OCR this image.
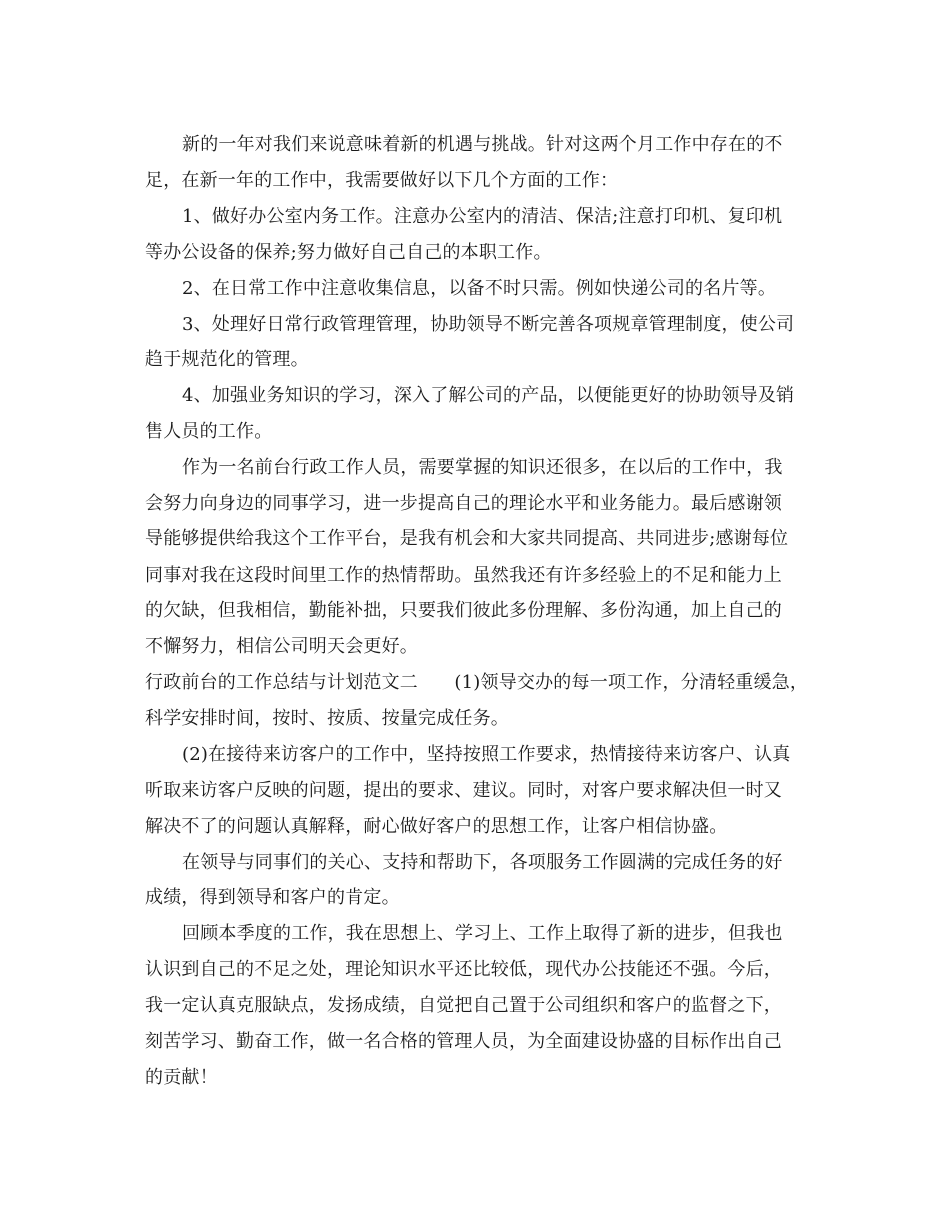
新的一年对我们来说意味着新的机遇与挑战。针对这两个月工作中存在的不
足，在新一年的工作中，我需要做好以下几个方面的工作：
1、做好办公室内务工作。注意办公室内的清洁、保洁;注意打印机、复印机
等办公设备的保养;努力做好自己自己的本职工作。
2、在日常工作中注意收集信息，以备不时只需。例如快递公司的名片等。
3、处理好日常行政管理管理，协助领导不断完善各项规章管理制度，使公司
趋于规范化的管理。
4、加强业务知识的学习，深入了解公司的产品，以便能更好的协助领导及销
售人员的工作。
作为一名前台行政工作人员，需要掌握的知识还很多，在以后的工作中，我
会努力向身边的同事学习，进一步提高自己的理论水平和业务能力。最后感谢领
导能够提供给我这个工作平台，是我有机会和大家共同提高、共同进步;感谢每位
同事对我在这段时间里工作的热情帮助。虽然我还有许多经验上的不足和能力上
的欠缺，但我相信，勤能补拙，只要我们彼此多份理解、多份沟通，加上自己的
不懈努力，相信公司明天会更好。
行政前台的工作总结与计划范文二　　(1)领导交办的每一项工作，分清轻重缓急，
科学安排时间，按时、按质、按量完成任务。
(2)在接待来访客户的工作中，坚持按照工作要求，热情接待来访客户、认真
听取来访客户反映的问题，提出的要求、建议。同时，对客户要求解决但一时又
解决不了的问题认真解释，耐心做好客户的思想工作，让客户相信协盛。
在领导与同事们的关心、支持和帮助下，各项服务工作圆满的完成任务的好
成绩，得到领导和客户的肯定。
回顾本季度的工作，我在思想上、学习上、工作上取得了新的进步，但我也
认识到自己的不足之处，理论知识水平还比较低，现代办公技能还不强。今后，
我一定认真克服缺点，发扬成绩，自觉把自己置于公司组织和客户的监督之下，
刻苦学习、勤奋工作，做一名合格的管理人员，为全面建设协盛的目标作出自己
的贡献！
